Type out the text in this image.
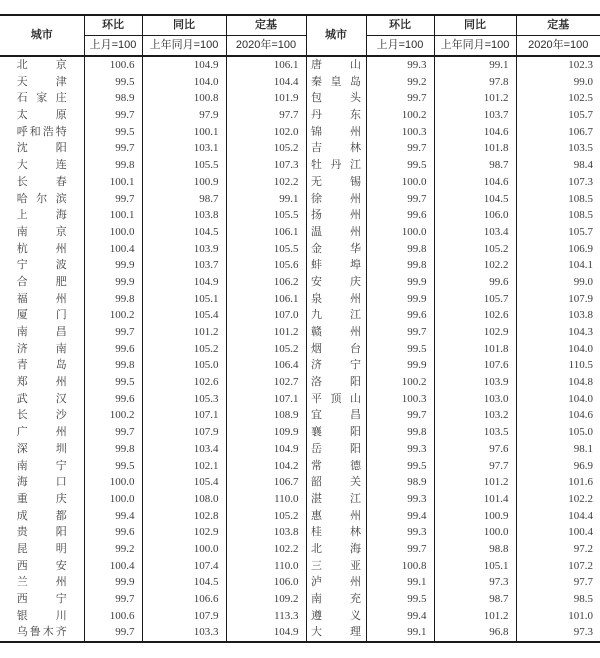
城市	环比	同比	定基	城市	环比	同比	定基
	上月=100	上年同月=100	2020年=100		上月=100	上年同月=100	2020年=100
北　京	100.6	104.9	106.1	唐　山	99.3	99.1	102.3
天　津	99.5	104.0	104.4	秦皇岛	99.2	97.8	99.0
石家庄	98.9	100.8	101.9	包　头	99.7	101.2	102.5
太　原	99.7	97.9	97.7	丹　东	100.2	103.7	105.7
呼和浩特	99.5	100.1	102.0	锦　州	100.3	104.6	106.7
沈　阳	99.7	103.1	105.2	吉　林	99.7	101.8	103.5
大　连	99.8	105.5	107.3	牡丹江	99.5	98.7	98.4
长　春	100.1	100.9	102.2	无　锡	100.0	104.6	107.3
哈尔滨	99.7	98.7	99.1	徐　州	99.7	104.5	108.5
上　海	100.1	103.8	105.5	扬　州	99.6	106.0	108.5
南　京	100.0	104.5	106.1	温　州	100.0	103.4	105.7
杭　州	100.4	103.9	105.5	金　华	99.8	105.2	106.9
宁　波	99.9	103.7	105.6	蚌　埠	99.8	102.2	104.1
合　肥	99.9	104.9	106.2	安　庆	99.9	99.6	99.0
福　州	99.8	105.1	106.1	泉　州	99.9	105.7	107.9
厦　门	100.2	105.4	107.0	九　江	99.6	102.6	103.8
南　昌	99.7	101.2	101.2	赣　州	99.7	102.9	104.3
济　南	99.6	105.2	105.2	烟　台	99.5	101.8	104.0
青　岛	99.8	105.0	106.4	济　宁	99.9	107.6	110.5
郑　州	99.5	102.6	102.7	洛　阳	100.2	103.9	104.8
武　汉	99.6	105.3	107.1	平顶山	100.3	103.0	104.0
长　沙	100.2	107.1	108.9	宜　昌	99.7	103.2	104.6
广　州	99.7	107.9	109.9	襄　阳	99.8	103.5	105.0
深　圳	99.8	103.4	104.9	岳　阳	99.3	97.6	98.1
南　宁	99.5	102.1	104.2	常　德	99.5	97.7	96.9
海　口	100.0	105.4	106.7	韶　关	98.9	101.2	101.6
重　庆	100.0	108.0	110.0	湛　江	99.3	101.4	102.2
成　都	99.4	102.8	105.2	惠　州	99.4	100.9	104.4
贵　阳	99.6	102.9	103.8	桂　林	99.3	100.0	100.4
昆　明	99.2	100.0	102.2	北　海	99.7	98.8	97.2
西　安	100.4	107.4	110.0	三　亚	100.8	105.1	107.2
兰　州	99.9	104.5	106.0	泸　州	99.1	97.3	97.7
西　宁	99.7	106.6	109.2	南　充	99.5	98.7	98.5
银　川	100.6	107.9	113.3	遵　义	99.4	101.2	101.0
乌鲁木齐	99.7	103.3	104.9	大　理	99.1	96.8	97.3
